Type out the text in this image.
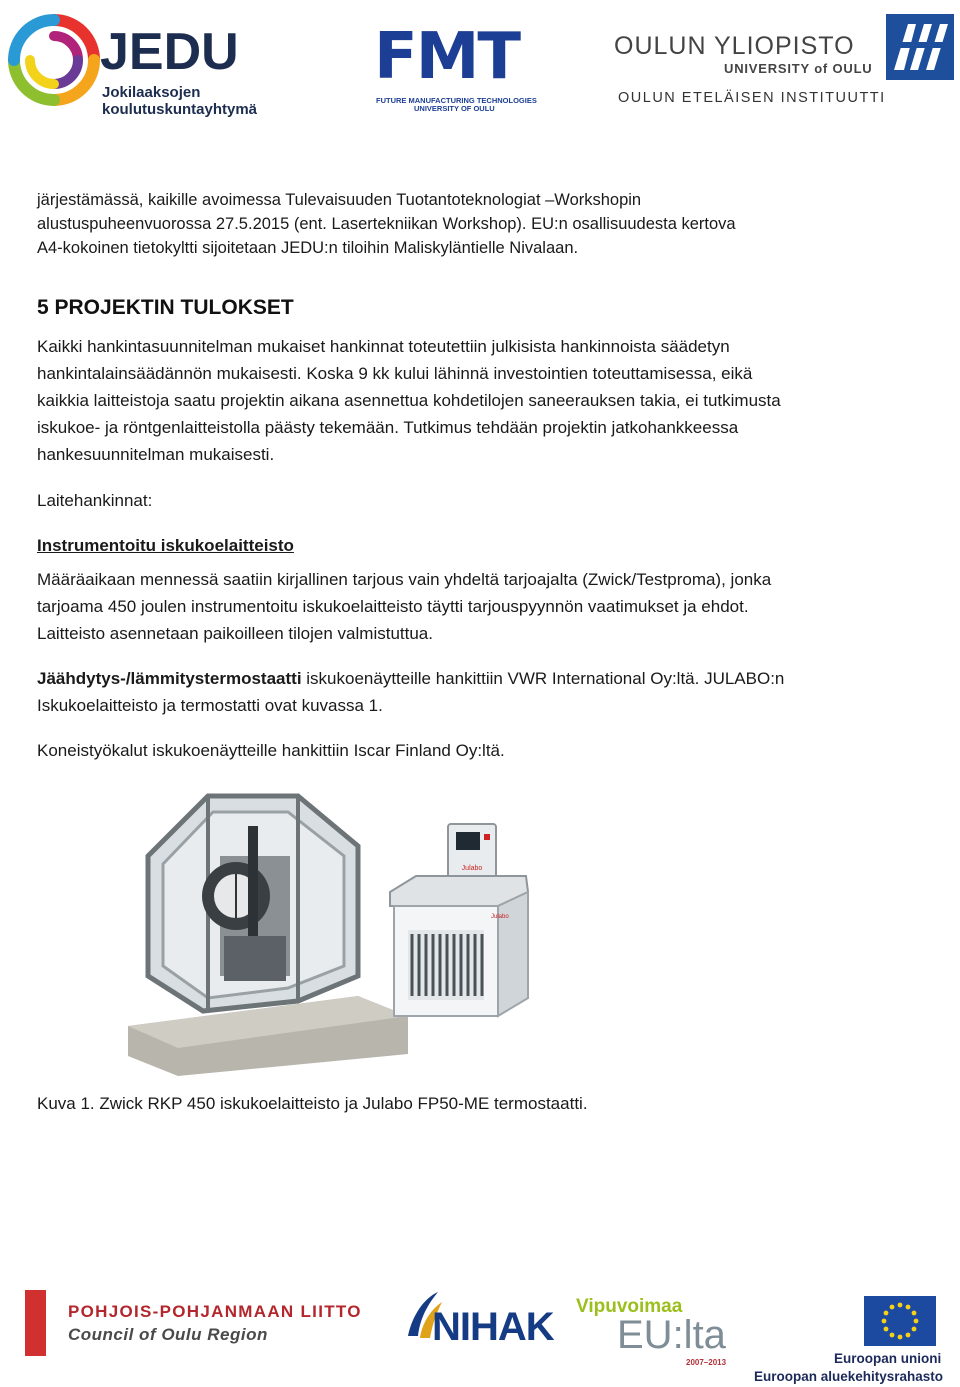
JEDU
Jokilaaksojen
koulutuskuntayhtymä
FMT
FUTURE MANUFACTURING TECHNOLOGIES
UNIVERSITY OF OULU
OULUN YLIOPISTO
UNIVERSITY of OULU
OULUN ETELÄISEN INSTITUUTTI

järjestämässä, kaikille avoimessa Tulevaisuuden Tuotantoteknologiat –Workshopin

alustuspuheenvuorossa 27.5.2015 (ent. Lasertekniikan Workshop). EU:n osallisuudesta kertova

A4-kokoinen tietokyltti sijoitetaan JEDU:n tiloihin Maliskyläntielle Nivalaan.

5 PROJEKTIN TULOKSET

Kaikki hankintasuunnitelman mukaiset hankinnat toteutettiin julkisista hankinnoista säädetyn

hankintalainsäädännön mukaisesti. Koska 9 kk kului lähinnä investointien toteuttamisessa, eikä

kaikkia laitteistoja saatu projektin aikana asennettua kohdetilojen saneerauksen takia, ei tutkimusta

iskukoe- ja röntgenlaitteistolla päästy tekemään. Tutkimus tehdään projektin jatkohankkeessa

hankesuunnitelman mukaisesti.

Laitehankinnat:

Instrumentoitu iskukoelaitteisto

Määräaikaan mennessä saatiin kirjallinen tarjous vain yhdeltä tarjoajalta (Zwick/Testproma), jonka

tarjoama 450 joulen instrumentoitu iskukoelaitteisto täytti tarjouspyynnön vaatimukset ja ehdot.

Laitteisto asennetaan paikoilleen tilojen valmistuttua.

Jäähdytys-/lämmitystermostaatti iskukoenäytteille hankittiin VWR International Oy:ltä. JULABO:n

Iskukoelaitteisto ja termostatti ovat kuvassa 1.

Koneistyökalut iskukoenäytteille hankittiin Iscar Finland Oy:ltä.

Julabo
Julabo

Kuva 1. Zwick RKP 450 iskukoelaitteisto ja Julabo FP50-ME termostaatti.

POHJOIS-POHJANMAAN LIITTO
Council of Oulu Region	NIHAK Vipuvoimaa
EU:lta
2007–2013	Euroopan unioni
Euroopan aluekehitysrahasto
